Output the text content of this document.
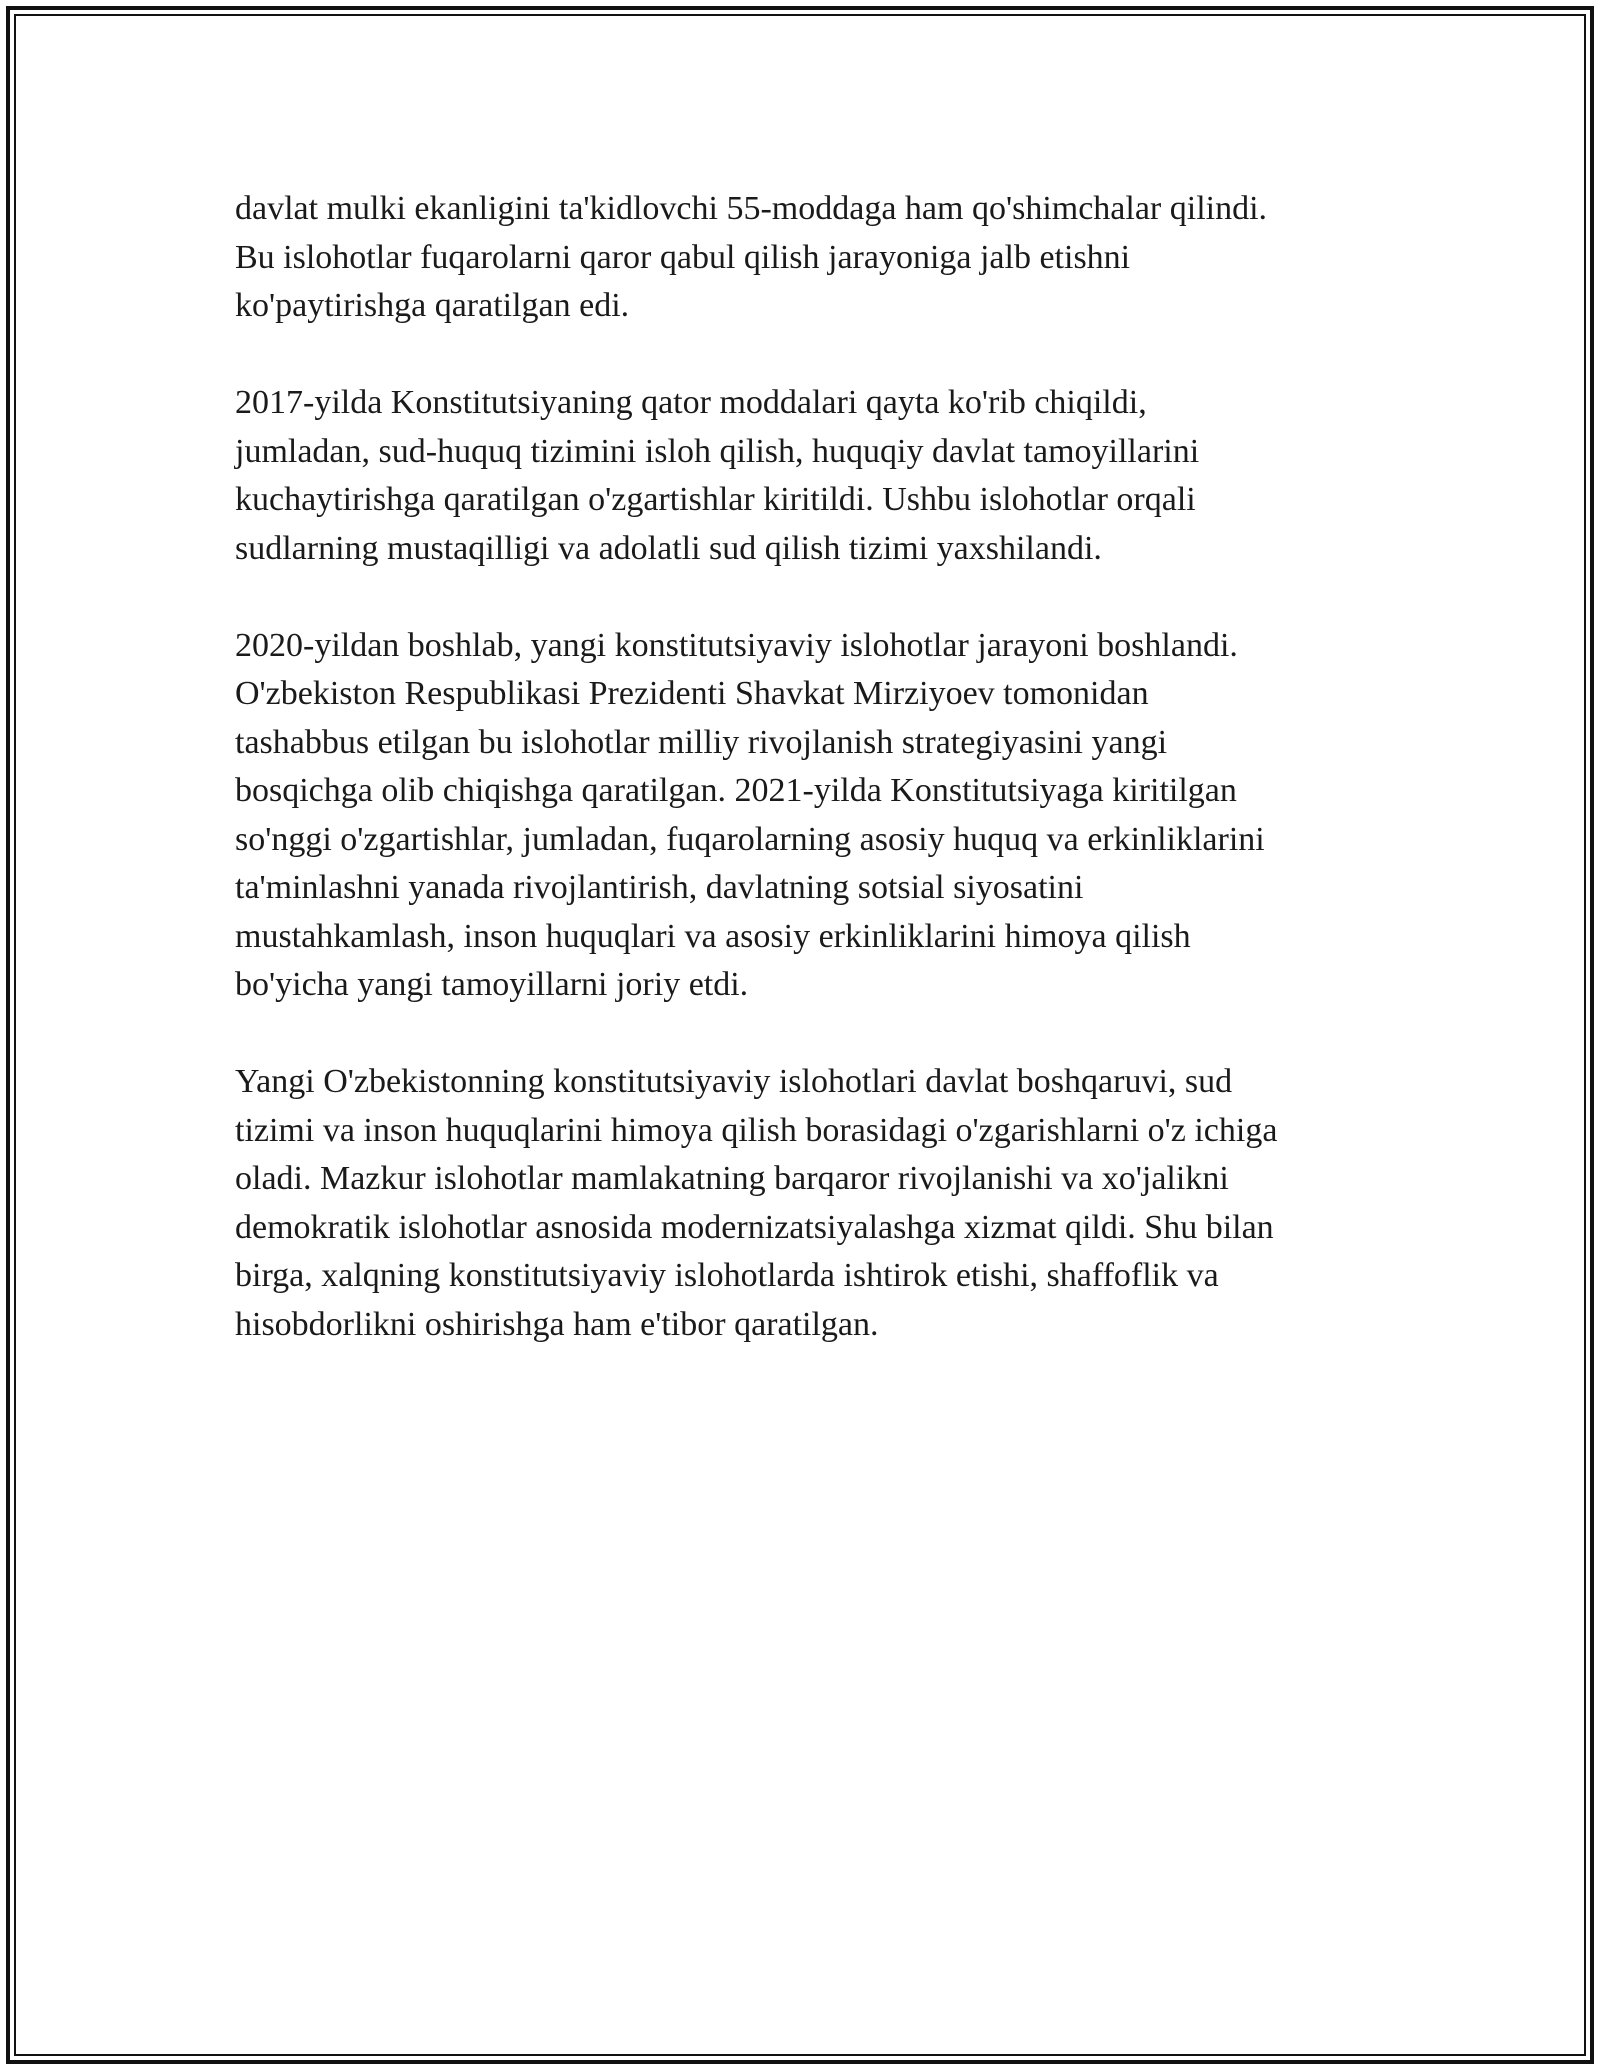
davlat mulki ekanligini ta'kidlovchi 55-moddaga ham qo'shimchalar qilindi.
Bu islohotlar fuqarolarni qaror qabul qilish jarayoniga jalb etishni
ko'paytirishga qaratilgan edi.

2017-yilda Konstitutsiyaning qator moddalari qayta ko'rib chiqildi,
jumladan, sud-huquq tizimini isloh qilish, huquqiy davlat tamoyillarini
kuchaytirishga qaratilgan o'zgartishlar kiritildi. Ushbu islohotlar orqali
sudlarning mustaqilligi va adolatli sud qilish tizimi yaxshilandi.

2020-yildan boshlab, yangi konstitutsiyaviy islohotlar jarayoni boshlandi.
O'zbekiston Respublikasi Prezidenti Shavkat Mirziyoev tomonidan
tashabbus etilgan bu islohotlar milliy rivojlanish strategiyasini yangi
bosqichga olib chiqishga qaratilgan. 2021-yilda Konstitutsiyaga kiritilgan
so'nggi o'zgartishlar, jumladan, fuqarolarning asosiy huquq va erkinliklarini
ta'minlashni yanada rivojlantirish, davlatning sotsial siyosatini
mustahkamlash, inson huquqlari va asosiy erkinliklarini himoya qilish
bo'yicha yangi tamoyillarni joriy etdi.

Yangi O'zbekistonning konstitutsiyaviy islohotlari davlat boshqaruvi, sud
tizimi va inson huquqlarini himoya qilish borasidagi o'zgarishlarni o'z ichiga
oladi. Mazkur islohotlar mamlakatning barqaror rivojlanishi va xo'jalikni
demokratik islohotlar asnosida modernizatsiyalashga xizmat qildi. Shu bilan
birga, xalqning konstitutsiyaviy islohotlarda ishtirok etishi, shaffoflik va
hisobdorlikni oshirishga ham e'tibor qaratilgan.
